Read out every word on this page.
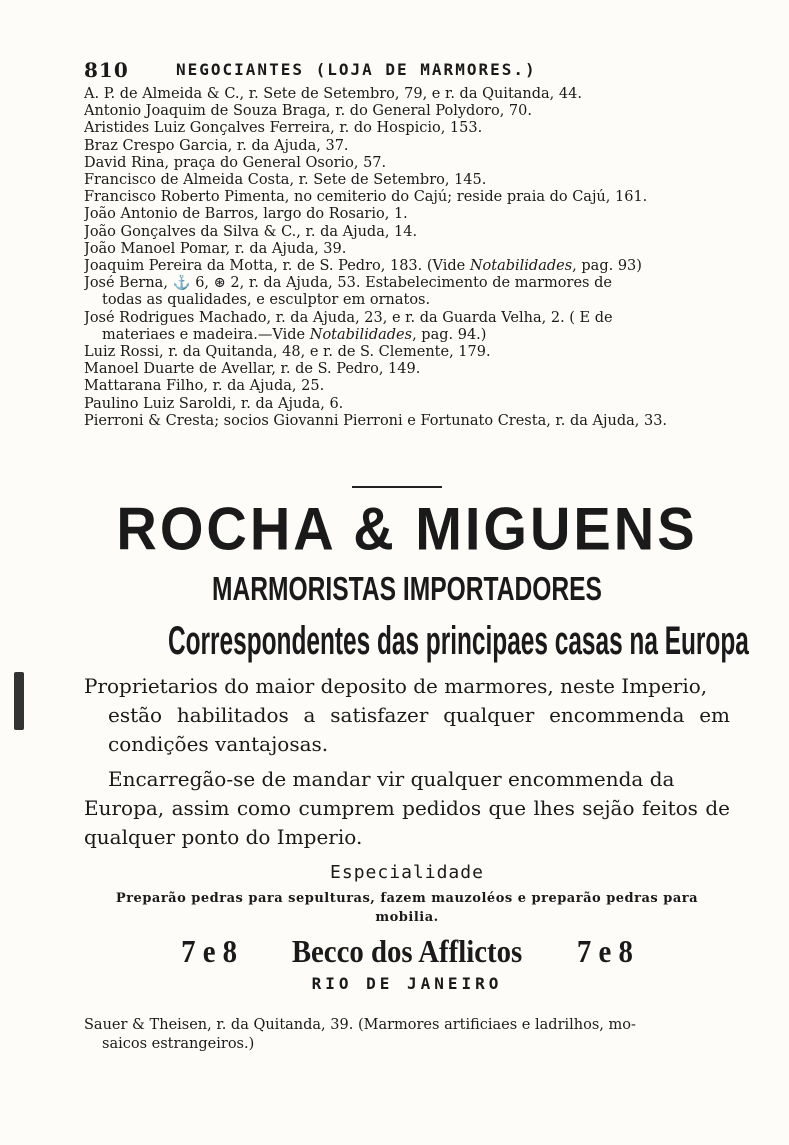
810	NEGOCIANTES (LOJA DE MARMORES.)
A. P. de Almeida & C., r. Sete de Setembro, 79, e r. da Quitanda, 44.
Antonio Joaquim de Souza Braga, r. do General Polydoro, 70.
Aristides Luiz Gonçalves Ferreira, r. do Hospicio, 153.
Braz Crespo Garcia, r. da Ajuda, 37.
David Rina, praça do General Osorio, 57.
Francisco de Almeida Costa, r. Sete de Setembro, 145.
Francisco Roberto Pimenta, no cemiterio do Cajú; reside praia do Cajú, 161.
João Antonio de Barros, largo do Rosario, 1.
João Gonçalves da Silva & C., r. da Ajuda, 14.
João Manoel Pomar, r. da Ajuda, 39.
Joaquim Pereira da Motta, r. de S. Pedro, 183. (Vide Notabilidades, pag. 93)
José Berna, ⚓ 6, ⊛ 2, r. da Ajuda, 53. Estabelecimento de marmores de
todas as qualidades, e esculptor em ornatos.
José Rodrigues Machado, r. da Ajuda, 23, e r. da Guarda Velha, 2. ( E de
materiaes e madeira.—Vide Notabilidades, pag. 94.)
Luiz Rossi, r. da Quitanda, 48, e r. de S. Clemente, 179.
Manoel Duarte de Avellar, r. de S. Pedro, 149.
Mattarana Filho, r. da Ajuda, 25.
Paulino Luiz Saroldi, r. da Ajuda, 6.
Pierroni & Cresta; socios Giovanni Pierroni e Fortunato Cresta, r. da Ajuda, 33.
ROCHA & MIGUENS
MARMORISTAS IMPORTADORES
Correspondentes das principaes casas na Europa
Proprietarios do maior deposito de marmores, neste Imperio,
estão habilitados a satisfazer qualquer encommenda em condições vantajosas.
Encarregão-se de mandar vir qualquer encommenda da
Europa, assim como cumprem pedidos que lhes sejão feitos de qualquer ponto do Imperio.
Especialidade
Preparão pedras para sepulturas, fazem mauzoléos e preparão pedras para mobilia.
7 e 8 Becco dos Afflictos 7 e 8
RIO DE JANEIRO
Sauer & Theisen, r. da Quitanda, 39. (Marmores artificiaes e ladrilhos, mo-
saicos estrangeiros.)
